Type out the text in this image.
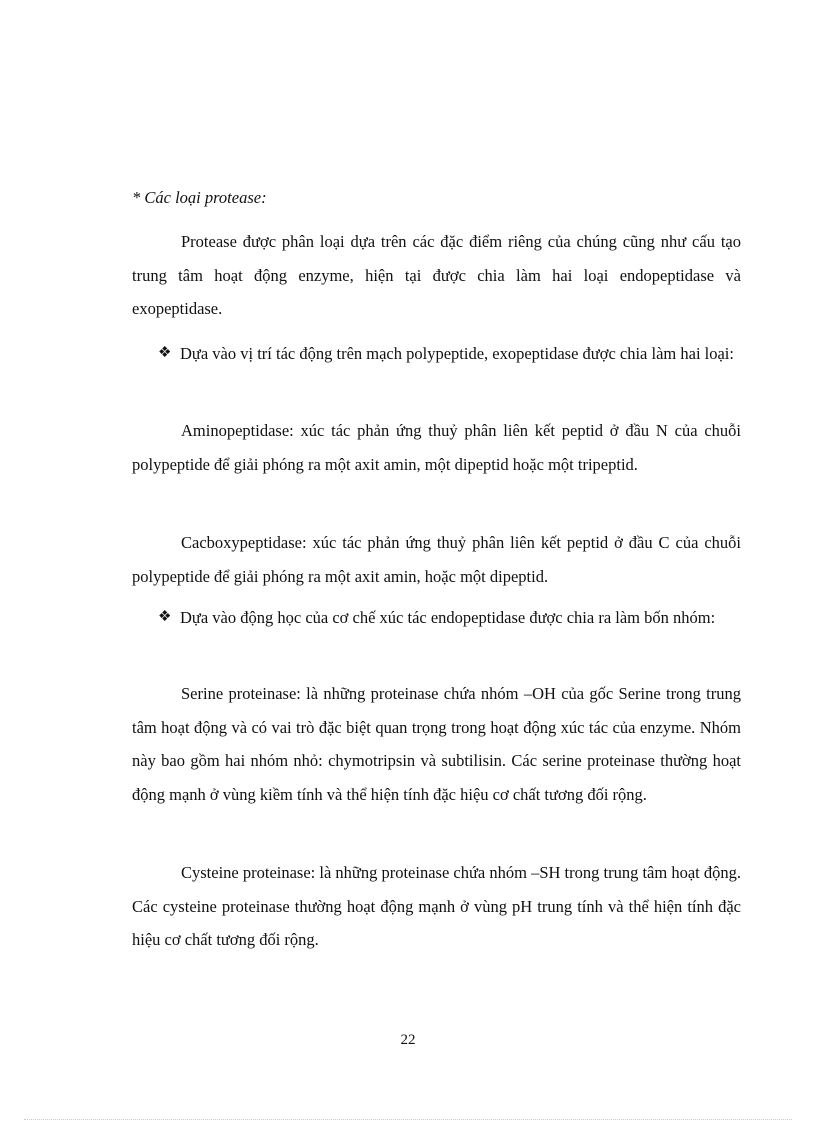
* Các loại protease:

Protease được phân loại dựa trên các đặc điểm riêng của chúng cũng như cấu tạo trung tâm hoạt động enzyme, hiện tại được chia làm hai loại endopeptidase và exopeptidase.

❖ Dựa vào vị trí tác động trên mạch polypeptide, exopeptidase được chia làm hai loại:

Aminopeptidase: xúc tác phản ứng thuỷ phân liên kết peptid ở đầu N của chuỗi polypeptide để giải phóng ra một axit amin, một dipeptid hoặc một tripeptid.

Cacboxypeptidase: xúc tác phản ứng thuỷ phân liên kết peptid ở đầu C của chuỗi polypeptide để giải phóng ra một axit amin, hoặc một dipeptid.

❖ Dựa vào động học của cơ chế xúc tác endopeptidase được chia ra làm bốn nhóm:

Serine proteinase: là những proteinase chứa nhóm –OH của gốc Serine trong trung tâm hoạt động và có vai trò đặc biệt quan trọng trong hoạt động xúc tác của enzyme. Nhóm này bao gồm hai nhóm nhỏ: chymotripsin và subtilisin. Các serine proteinase thường hoạt động mạnh ở vùng kiềm tính và thể hiện tính đặc hiệu cơ chất tương đối rộng.

Cysteine proteinase: là những proteinase chứa nhóm –SH trong trung tâm hoạt động. Các cysteine proteinase thường hoạt động mạnh ở vùng pH trung tính và thể hiện tính đặc hiệu cơ chất tương đối rộng.

22
